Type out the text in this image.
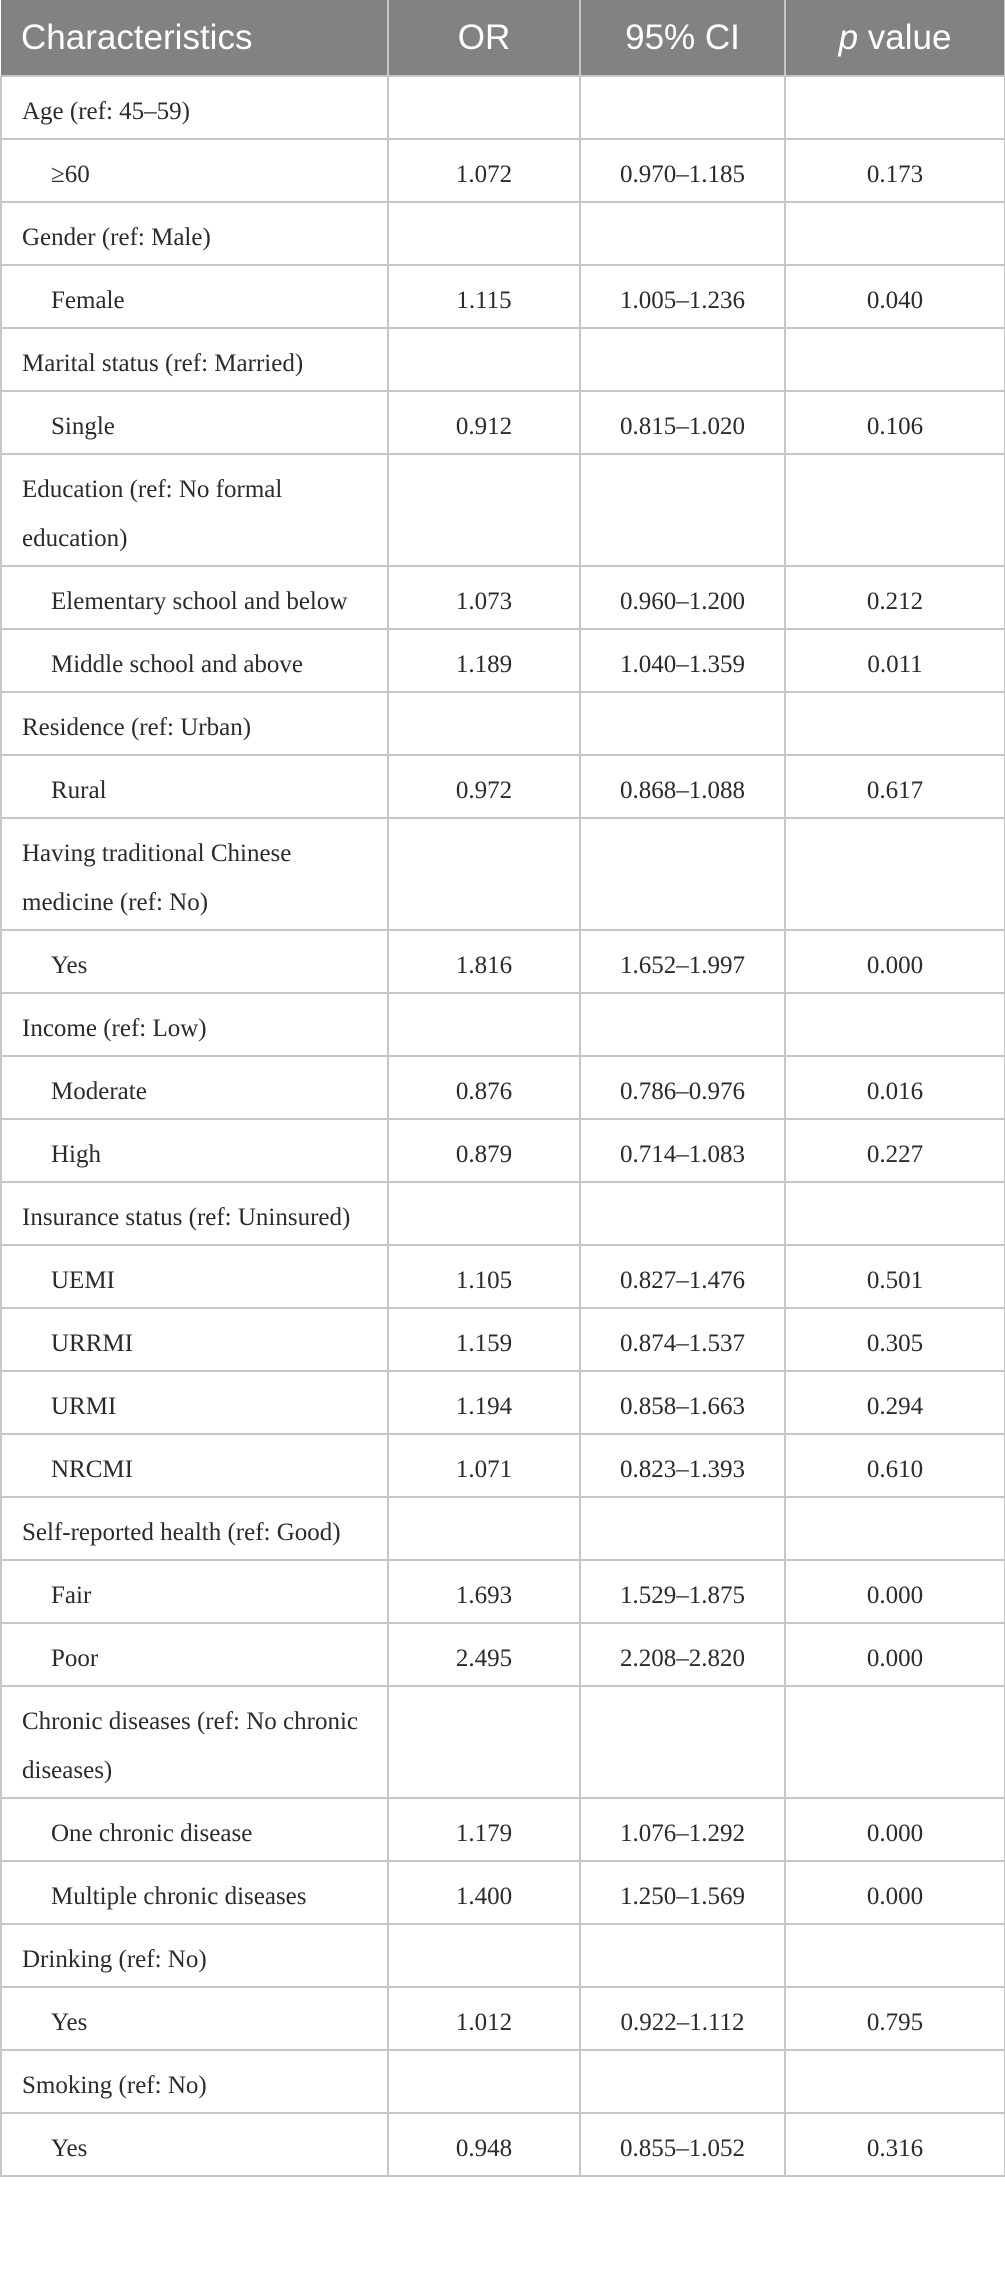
Characteristics	OR	95% CI	p value
Age (ref: 45–59)			
≥60	1.072	0.970–1.185	0.173
Gender (ref: Male)			
Female	1.115	1.005–1.236	0.040
Marital status (ref: Married)			
Single	0.912	0.815–1.020	0.106
Education (ref: No formal education)			
Elementary school and below	1.073	0.960–1.200	0.212
Middle school and above	1.189	1.040–1.359	0.011
Residence (ref: Urban)			
Rural	0.972	0.868–1.088	0.617
Having traditional Chinese medicine (ref: No)			
Yes	1.816	1.652–1.997	0.000
Income (ref: Low)			
Moderate	0.876	0.786–0.976	0.016
High	0.879	0.714–1.083	0.227
Insurance status (ref: Uninsured)			
UEMI	1.105	0.827–1.476	0.501
URRMI	1.159	0.874–1.537	0.305
URMI	1.194	0.858–1.663	0.294
NRCMI	1.071	0.823–1.393	0.610
Self-reported health (ref: Good)			
Fair	1.693	1.529–1.875	0.000
Poor	2.495	2.208–2.820	0.000
Chronic diseases (ref: No chronic diseases)			
One chronic disease	1.179	1.076–1.292	0.000
Multiple chronic diseases	1.400	1.250–1.569	0.000
Drinking (ref: No)			
Yes	1.012	0.922–1.112	0.795
Smoking (ref: No)			
Yes	0.948	0.855–1.052	0.316
